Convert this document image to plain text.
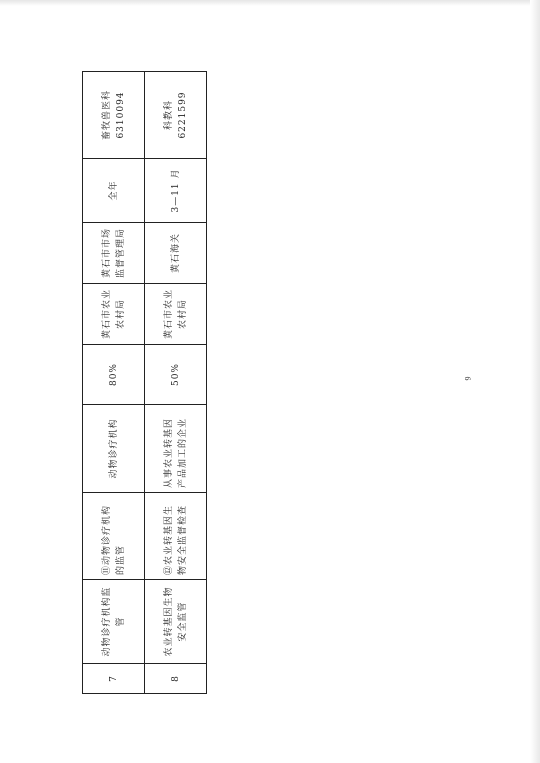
7	动物诊疗机构监管	⑪动物诊疗机构的监管	动物诊疗机构	80%	黄石市农业农村局	黄石市市场监督管理局	全年	畜牧兽医科 6310094
8	农业转基因生物安全监管	⑫农业转基因生物安全监督检查	从事农业转基因产品加工的企业	50%	黄石市农业农村局	黄石海关	3—11 月	科教科 6221599
9
